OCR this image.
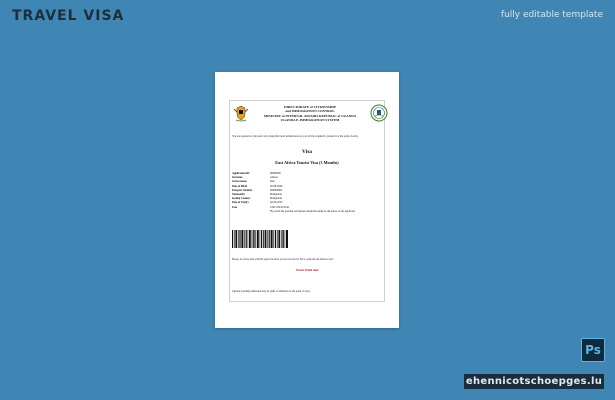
TRAVEL VISA	fully editable template
DIRECTORATE of CITIZENSHIP
and IMMIGRATION CONTROL
MINISTRY of INTERNAL AFFAIRS REPUBLIC of UGANDA
UGANDA E-IMMIGRATION SYSTEM
You are required to print and carry along this travel authorisation as you will be required to present it at the point of entry.
Visa
East Africa Tourist Visa (3 Months)
Application ID:	00000000
Surname	Gibson
Given names	Jake
Date of Birth	26-08-0000
Passport Number	000000000
Nationality	Philippines
Issuing Country	Philippines
Date of Expiry	26-06-2025
Fees	USD 100.00 Paid
Fly-reach the portable and please should be under in the notice of the applicant.
Please, be aware that with this approval letter you do not need to fill or order the declaration card.
Wash Weld ded
Uganda boarding admission may be right of admission at the point of entry.
Ps
ehennicotschoepges.lu
